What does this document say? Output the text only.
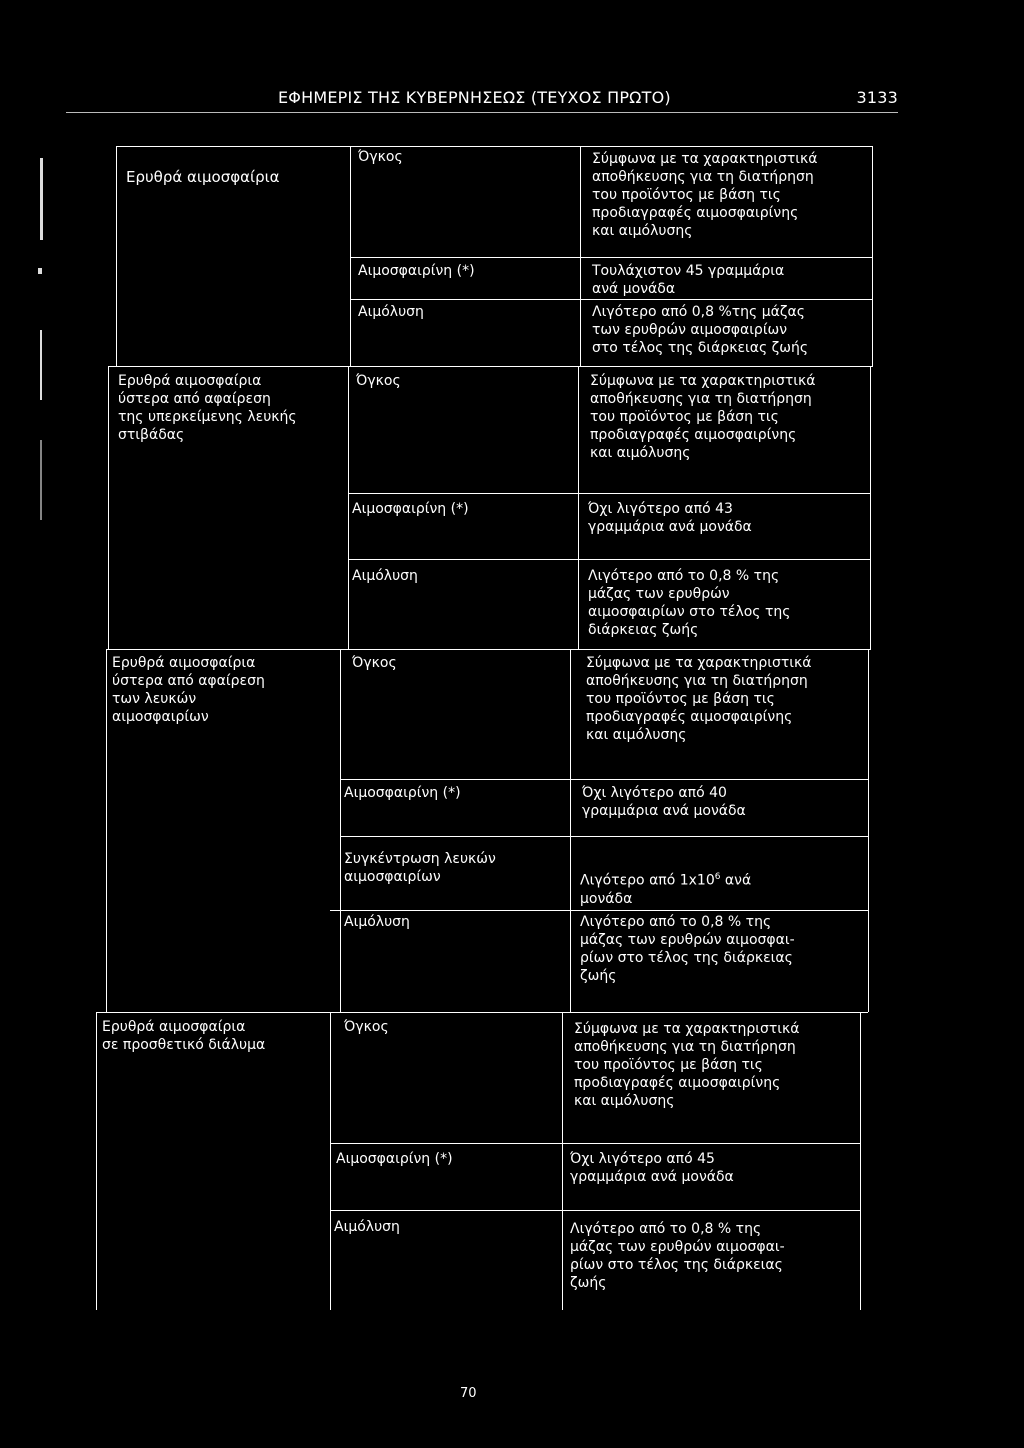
ΕΦΗΜΕΡΙΣ ΤΗΣ ΚΥΒΕΡΝΗΣΕΩΣ (ΤΕΥΧΟΣ ΠΡΩΤΟ)	3133
Ερυθρά αιμοσφαίρια
Ερυθρά αιμοσφαίρια
ύστερα από αφαίρεση
της υπερκείμενης λευκής
στιβάδας
Ερυθρά αιμοσφαίρια
ύστερα από αφαίρεση
των λευκών
αιμοσφαιρίων
Ερυθρά αιμοσφαίρια
σε προσθετικό διάλυμα
Όγκος
Αιμοσφαιρίνη (*)
Αιμόλυση
Όγκος
Αιμοσφαιρίνη (*)
Αιμόλυση
Όγκος
Αιμοσφαιρίνη (*)
Συγκέντρωση λευκών
αιμοσφαιρίων
Αιμόλυση
Όγκος
Αιμοσφαιρίνη (*)
Αιμόλυση
Σύμφωνα με τα χαρακτηριστικά
αποθήκευσης για τη διατήρηση
του προϊόντος με βάση τις
προδιαγραφές αιμοσφαιρίνης
και αιμόλυσης
Τουλάχιστον 45 γραμμάρια
ανά μονάδα
Λιγότερο από 0,8 %της μάζας
των ερυθρών αιμοσφαιρίων
στο τέλος της διάρκειας ζωής
Σύμφωνα με τα χαρακτηριστικά
αποθήκευσης για τη διατήρηση
του προϊόντος με βάση τις
προδιαγραφές αιμοσφαιρίνης
και αιμόλυσης
Όχι λιγότερο από 43
γραμμάρια ανά μονάδα
Λιγότερο από το 0,8 % της
μάζας των ερυθρών
αιμοσφαιρίων στο τέλος της
διάρκειας ζωής
Σύμφωνα με τα χαρακτηριστικά
αποθήκευσης για τη διατήρηση
του προϊόντος με βάση τις
προδιαγραφές αιμοσφαιρίνης
και αιμόλυσης
Όχι λιγότερο από 40
γραμμάρια ανά μονάδα
Λιγότερο από $1x10^6$ ανά
μονάδα
Λιγότερο από το 0,8 % της
μάζας των ερυθρών αιμοσφαι-
ρίων στο τέλος της διάρκειας
ζωής
Σύμφωνα με τα χαρακτηριστικά
αποθήκευσης για τη διατήρηση
του προϊόντος με βάση τις
προδιαγραφές αιμοσφαιρίνης
και αιμόλυσης
Όχι λιγότερο από 45
γραμμάρια ανά μονάδα
Λιγότερο από το 0,8 % της
μάζας των ερυθρών αιμοσφαι-
ρίων στο τέλος της διάρκειας
ζωής
70
